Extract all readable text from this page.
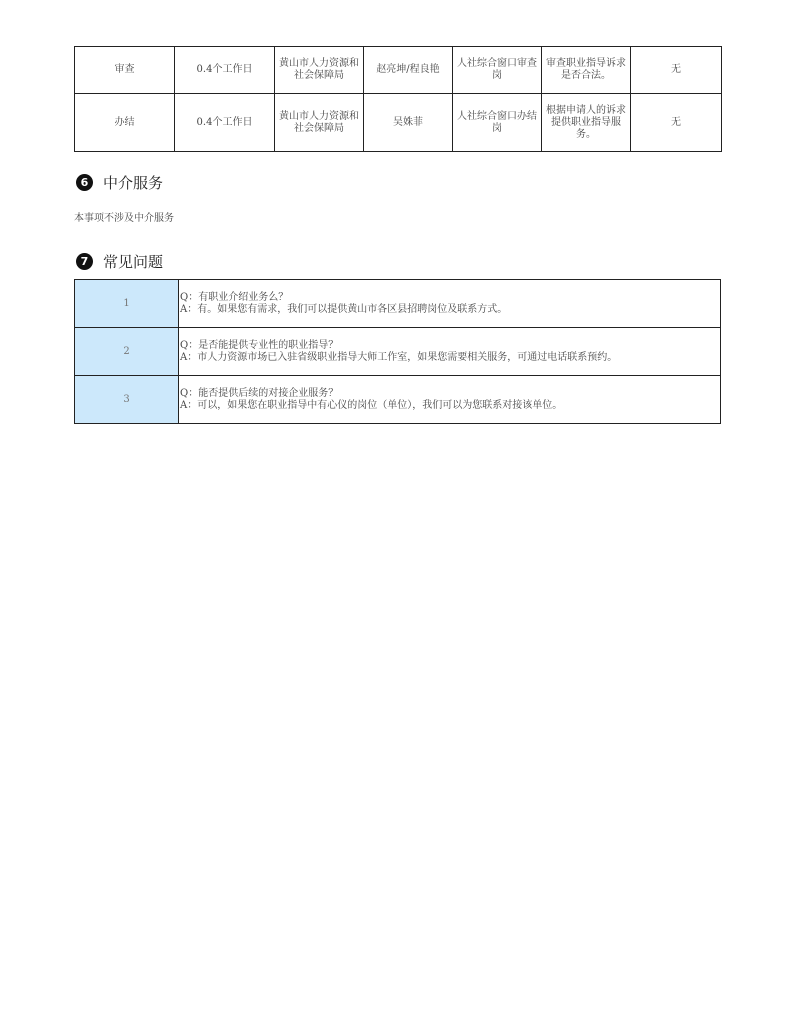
审查	0.4个工作日	黄山市人力资源和社会保障局	赵亮坤/程良艳	人社综合窗口审查岗	审查职业指导诉求是否合法。	无
办结	0.4个工作日	黄山市人力资源和社会保障局	吴姝菲	人社综合窗口办结岗	根据申请人的诉求提供职业指导服务。	无
6 中介服务
本事项不涉及中介服务
7 常见问题
1	Q：有职业介绍业务么？
A：有。如果您有需求，我们可以提供黄山市各区县招聘岗位及联系方式。

2	Q：是否能提供专业性的职业指导？
A：市人力资源市场已入驻省级职业指导大师工作室，如果您需要相关服务，可通过电话联系预约。

3	Q：能否提供后续的对接企业服务？
A：可以，如果您在职业指导中有心仪的岗位（单位），我们可以为您联系对接该单位。
